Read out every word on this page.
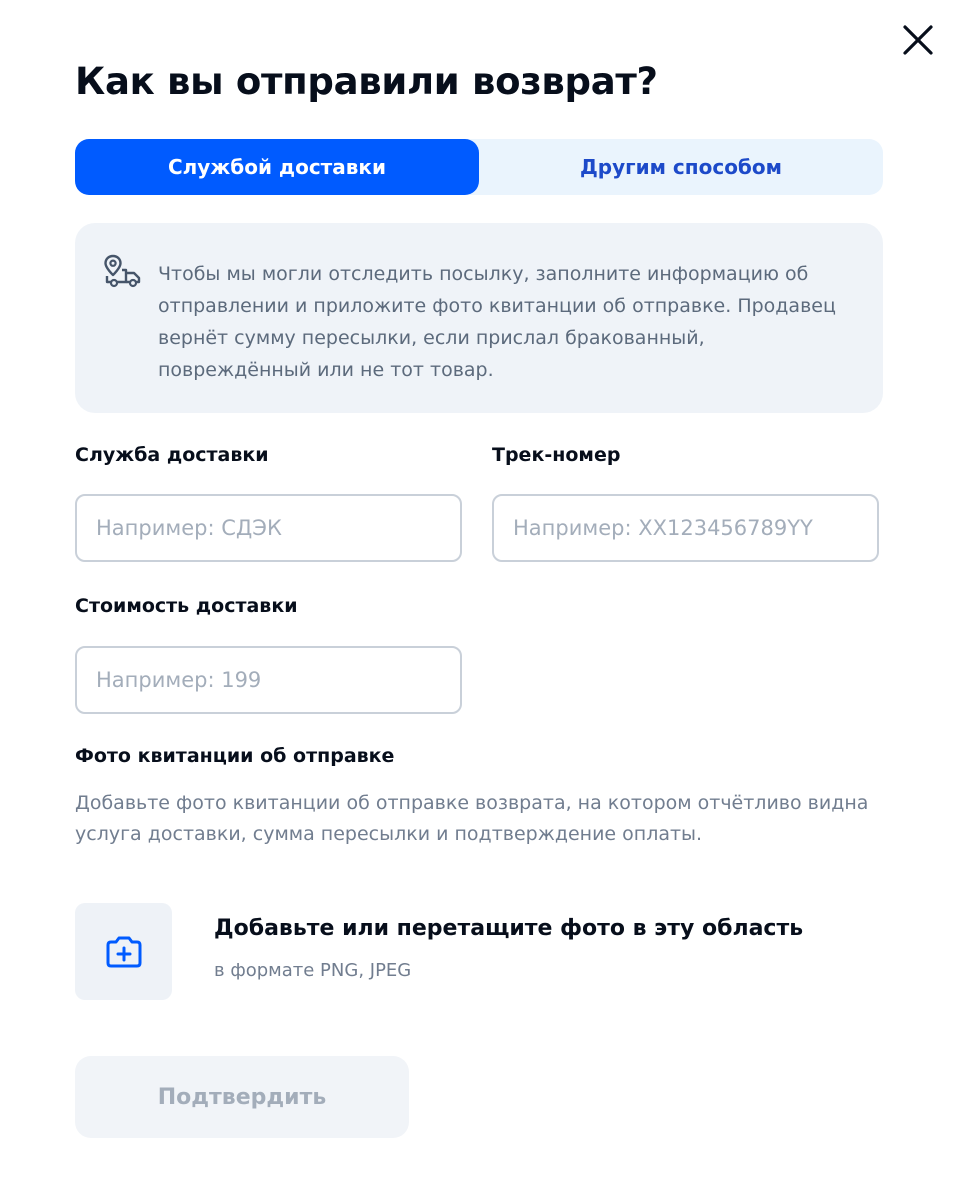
Как вы отправили возврат?
Службой доставки	Другим способом

Чтобы мы могли отследить посылку, заполните информацию об отправлении и приложите фото квитанции об отправке. Продавец вернёт сумму пересылки, если прислал бракованный, повреждённый или не тот товар.

Служба доставки
Например: СДЭК	Трек-номер
Например: XX123456789YY
Стоимость доставки
Например: 199
Фото квитанции об отправке

Добавьте фото квитанции об отправке возврата, на котором отчётливо видна услуга доставки, сумма пересылки и подтверждение оплаты.

Добавьте или перетащите фото в эту область
в формате PNG, JPEG
Подтвердить
